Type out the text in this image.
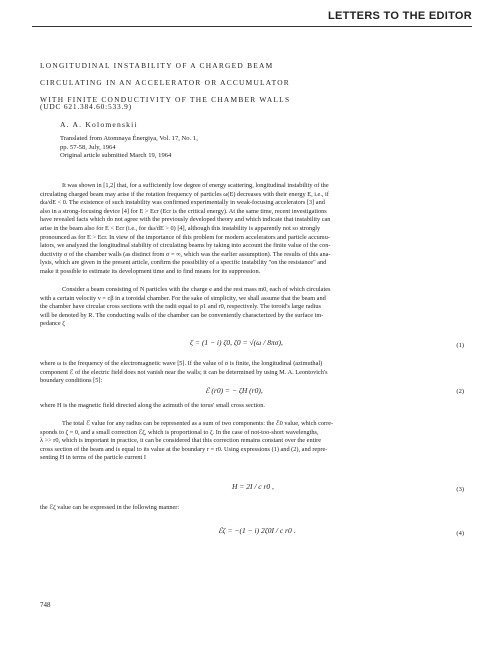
LETTERS TO THE EDITOR
LONGITUDINAL INSTABILITY OF A CHARGED BEAM
CIRCULATING IN AN ACCELERATOR OR ACCUMULATOR
WITH FINITE CONDUCTIVITY OF THE CHAMBER WALLS
(UDC 621.384.60:533.9)
A. A. Kolomenskii
Translated from Atomnaya Énergiya, Vol. 17, No. 1,
pp. 57-58, July, 1964
Original article submitted March 19, 1964
It was shown in [1,2] that, for a sufficiently low degree of energy scattering, longitudinal instability of the
circulating charged beam may arise if the rotation frequency of particles ω(E) decreases with their energy E, i.e., if
dω/dE < 0. The existence of such instability was confirmed experimentally in weak-focusing accelerators [3] and
also in a strong-focusing device [4] for E > Ecr (Ecr is the critical energy). At the same time, recent investigations
have revealed facts which do not agree with the previously developed theory and which indicate that instability can
arise in the beam also for E < Ecr (i.e., for dω/dE > 0) [4], although this instability is apparently not so strongly
pronounced as for E > Ecr. In view of the importance of this problem for modern accelerators and particle accumu-
lators, we analyzed the longitudinal stability of circulating beams by taking into account the finite value of the con-
ductivity σ of the chamber walls (as distinct from σ = ∞, which was the earlier assumption). The results of this ana-
lysis, which are given in the present article, confirm the possibility of a specific instability "on the resistance" and
make it possible to estimate its development time and to find means for its suppression.
Consider a beam consisting of N particles with the charge e and the rest mass m0, each of which circulates
with a certain velocity v = cβ in a toroidal chamber. For the sake of simplicity, we shall assume that the beam and
the chamber have circular cross sections with the radii equal to ρ1 and r0, respectively. The toroid's large radius
will be denoted by R. The conducting walls of the chamber can be conveniently characterized by the surface im-
pedance ζ
ζ = (1 − i) ζ0, ζ0 = √(ω / 8πσ),	(1)
where ω is the frequency of the electromagnetic wave [5]. If the value of σ is finite, the longitudinal (azimuthal)
component ℰ of the electric field does not vanish near the walls; it can be determined by using M. A. Leontovich's
boundary conditions [5]:
ℰ (r0) = − ζH (r0),	(2)
where H is the magnetic field directed along the azimuth of the torus' small cross section.
The total ℰ value for any radius can be represented as a sum of two components: the ℰ0 value, which corre-
sponds to ζ = 0, and a small correction ℰζ, which is proportional to ζ. In the case of not-too-short wavelengths,
λ >> r0, which is important in practice, it can be considered that this correction remains constant over the entire
cross section of the beam and is equal to its value at the boundary r = r0. Using expressions (1) and (2), and repre-
senting H in terms of the particle current I
H = 2I / c r0 ,	(3)
the ℰζ value can be expressed in the following manner:
ℰζ = −(1 − i) 2ζ0I / c r0 .	(4)
748
